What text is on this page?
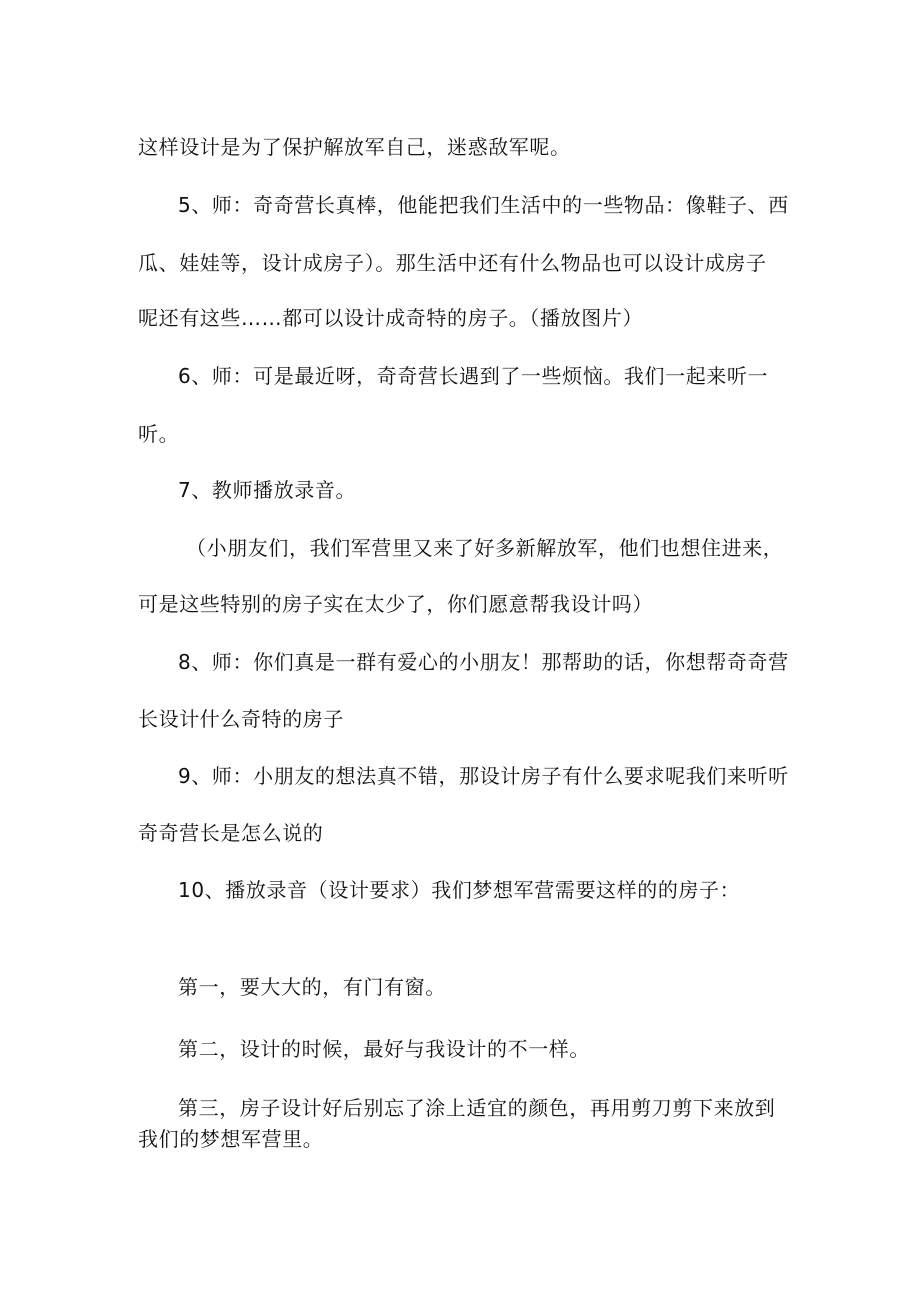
这样设计是为了保护解放军自己，迷惑敌军呢。
5、师：奇奇营长真棒，他能把我们生活中的一些物品：像鞋子、西
瓜、娃娃等，设计成房子）。那生活中还有什么物品也可以设计成房子
呢还有这些……都可以设计成奇特的房子。（播放图片）
6、师：可是最近呀，奇奇营长遇到了一些烦恼。我们一起来听一
听。
7、教师播放录音。
（小朋友们，我们军营里又来了好多新解放军，他们也想住进来，
可是这些特别的房子实在太少了，你们愿意帮我设计吗）
8、师：你们真是一群有爱心的小朋友！那帮助的话，你想帮奇奇营
长设计什么奇特的房子
9、师：小朋友的想法真不错，那设计房子有什么要求呢我们来听听
奇奇营长是怎么说的
10、播放录音（设计要求）我们梦想军营需要这样的的房子：
第一，要大大的，有门有窗。
第二，设计的时候，最好与我设计的不一样。
第三，房子设计好后别忘了涂上适宜的颜色，再用剪刀剪下来放到
我们的梦想军营里。
